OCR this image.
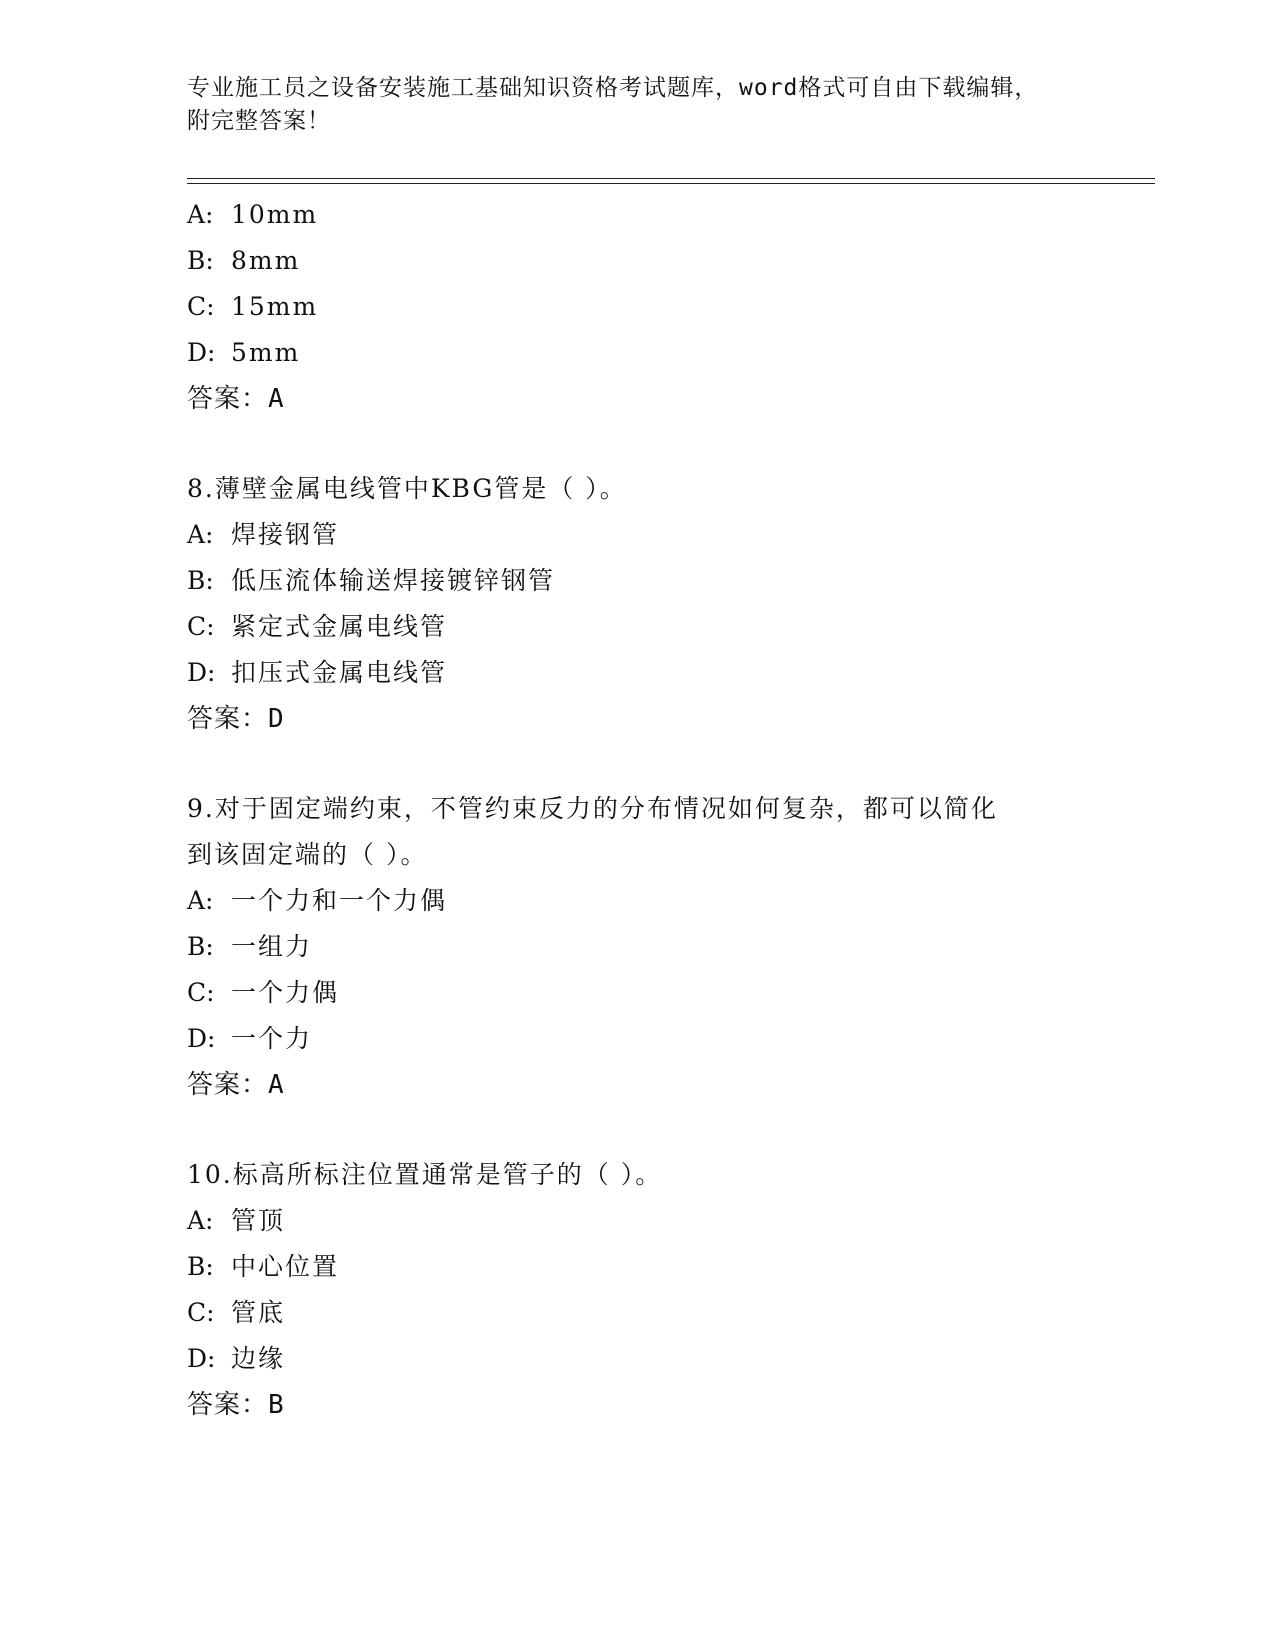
专业施工员之设备安装施工基础知识资格考试题库，word格式可自由下载编辑，
附完整答案！
A: 10mm
B: 8mm
C: 15mm
D: 5mm
答案：A
8.薄壁金属电线管中KBG管是（ ）。
A: 焊接钢管
B: 低压流体输送焊接镀锌钢管
C: 紧定式金属电线管
D: 扣压式金属电线管
答案：D
9.对于固定端约束，不管约束反力的分布情况如何复杂，都可以简化
到该固定端的（ ）。
A: 一个力和一个力偶
B: 一组力
C: 一个力偶
D: 一个力
答案：A
10.标高所标注位置通常是管子的（ ）。
A: 管顶
B: 中心位置
C: 管底
D: 边缘
答案：B
